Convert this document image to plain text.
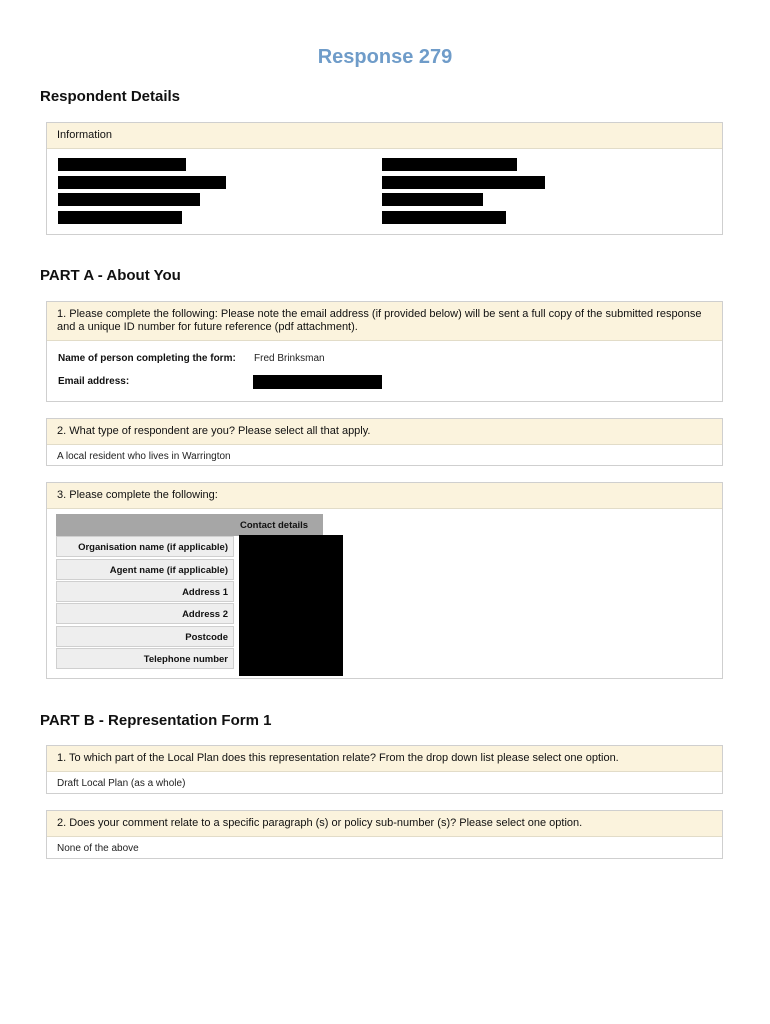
Response 279
Respondent Details
Information
PART A - About You
1. Please complete the following: Please note the email address (if provided below) will be sent a full copy of the submitted response and a unique ID number for future reference (pdf attachment).
Name of person completing the form: Fred Brinksman
Email address:
2. What type of respondent are you? Please select all that apply.
A local resident who lives in Warrington
3. Please complete the following:
Contact details
Organisation name (if applicable)
Agent name (if applicable)
Address 1
Address 2
Postcode
Telephone number
PART B - Representation Form 1
1. To which part of the Local Plan does this representation relate? From the drop down list please select one option.
Draft Local Plan (as a whole)
2. Does your comment relate to a specific paragraph (s) or policy sub-number (s)? Please select one option.
None of the above
